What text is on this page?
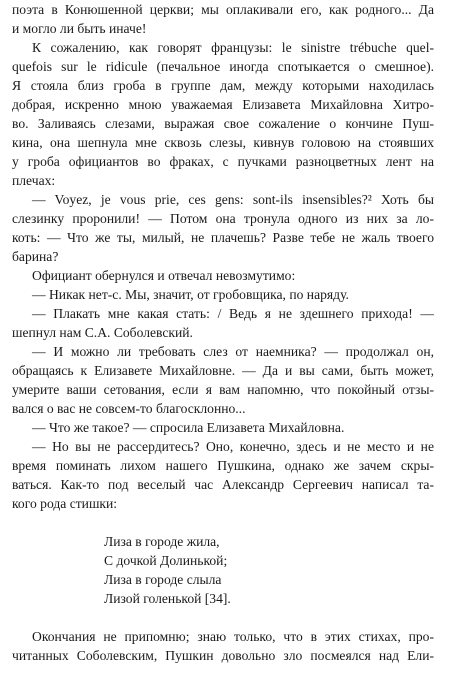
поэта в Конюшенной церкви; мы оплакивали его, как родного... Да
и могло ли быть иначе!
К сожалению, как говорят французы: le sinistre trébuche quel-
quefois sur le ridicule (печальное иногда спотыкается о смешное).
Я стояла близ гроба в группе дам, между которыми находилась
добрая, искренно мною уважаемая Елизавета Михайловна Хитро-
во. Заливаясь слезами, выражая свое сожаление о кончине Пуш-
кина, она шепнула мне сквозь слезы, кивнув головою на стоявших
у гроба официантов во фраках, с пучками разноцветных лент на
плечах:
— Voyez, je vous prie, ces gens: sont-ils insensibles?² Хоть бы
слезинку проронили! — Потом она тронула одного из них за ло-
коть: — Что же ты, милый, не плачешь? Разве тебе не жаль твоего
барина?
Официант обернулся и отвечал невозмутимо:
— Никак нет-с. Мы, значит, от гробовщика, по наряду.
— Плакать мне какая стать: / Ведь я не здешнего прихода! —
шепнул нам С.А. Соболевский.
— И можно ли требовать слез от наемника? — продолжал он,
обращаясь к Елизавете Михайловне. — Да и вы сами, быть может,
умерите ваши сетования, если я вам напомню, что покойный отзы-
вался о вас не совсем-то благосклонно...
— Что же такое? — спросила Елизавета Михайловна.
— Но вы не рассердитесь? Оно, конечно, здесь и не место и не
время поминать лихом нашего Пушкина, однако же зачем скры-
ваться. Как-то под веселый час Александр Сергеевич написал та-
кого рода стишки:
Лиза в городе жила,
С дочкой Долинькой;
Лиза в городе слыла
Лизой голенькой [34].
Окончания не припомню; знаю только, что в этих стихах, про-
читанных Соболевским, Пушкин довольно зло посмеялся над Ели-
